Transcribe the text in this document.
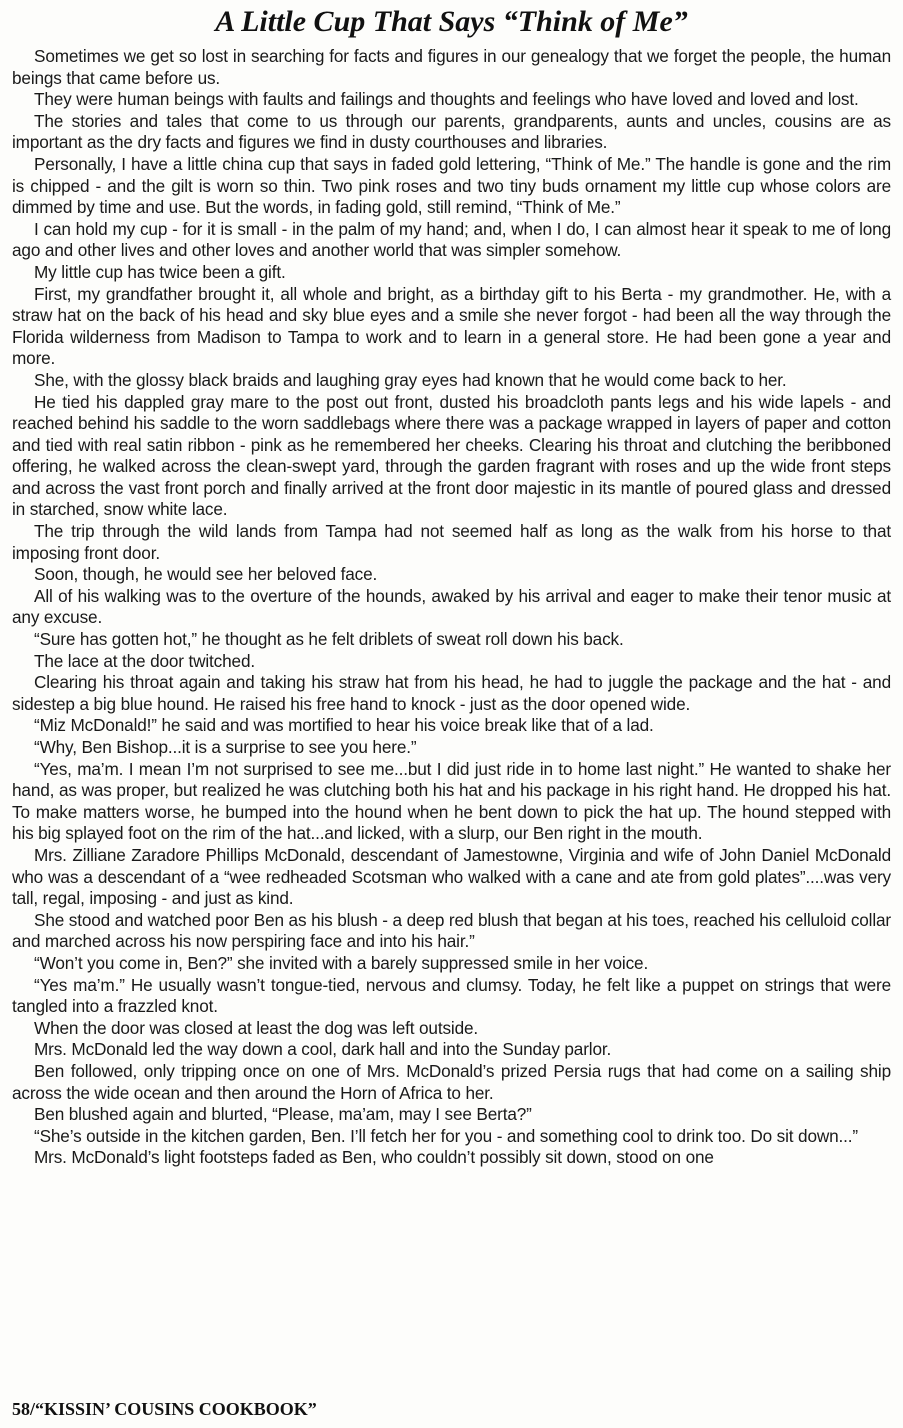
A Little Cup That Says “Think of Me”

Sometimes we get so lost in searching for facts and figures in our genealogy that we forget the people, the human beings that came before us.

They were human beings with faults and failings and thoughts and feelings who have loved and loved and lost.

The stories and tales that come to us through our parents, grandparents, aunts and uncles, cousins are as important as the dry facts and figures we find in dusty courthouses and libraries.

Personally, I have a little china cup that says in faded gold lettering, “Think of Me.” The handle is gone and the rim is chipped - and the gilt is worn so thin. Two pink roses and two tiny buds ornament my little cup whose colors are dimmed by time and use. But the words, in fading gold, still remind, “Think of Me.”

I can hold my cup - for it is small - in the palm of my hand; and, when I do, I can almost hear it speak to me of long ago and other lives and other loves and another world that was simpler somehow.

My little cup has twice been a gift.

First, my grandfather brought it, all whole and bright, as a birthday gift to his Berta - my grandmother. He, with a straw hat on the back of his head and sky blue eyes and a smile she never forgot - had been all the way through the Florida wilderness from Madison to Tampa to work and to learn in a general store. He had been gone a year and more.

She, with the glossy black braids and laughing gray eyes had known that he would come back to her.

He tied his dappled gray mare to the post out front, dusted his broadcloth pants legs and his wide lapels - and reached behind his saddle to the worn saddlebags where there was a package wrapped in layers of paper and cotton and tied with real satin ribbon - pink as he remembered her cheeks. Clearing his throat and clutching the beribboned offering, he walked across the clean-swept yard, through the garden fragrant with roses and up the wide front steps and across the vast front porch and finally arrived at the front door majestic in its mantle of poured glass and dressed in starched, snow white lace.

The trip through the wild lands from Tampa had not seemed half as long as the walk from his horse to that imposing front door.

Soon, though, he would see her beloved face.

All of his walking was to the overture of the hounds, awaked by his arrival and eager to make their tenor music at any excuse.

“Sure has gotten hot,” he thought as he felt driblets of sweat roll down his back.

The lace at the door twitched.

Clearing his throat again and taking his straw hat from his head, he had to juggle the package and the hat - and sidestep a big blue hound. He raised his free hand to knock - just as the door opened wide.

“Miz McDonald!” he said and was mortified to hear his voice break like that of a lad.

“Why, Ben Bishop...it is a surprise to see you here.”

“Yes, ma’m. I mean I’m not surprised to see me...but I did just ride in to home last night.” He wanted to shake her hand, as was proper, but realized he was clutching both his hat and his package in his right hand. He dropped his hat. To make matters worse, he bumped into the hound when he bent down to pick the hat up. The hound stepped with his big splayed foot on the rim of the hat...and licked, with a slurp, our Ben right in the mouth.

Mrs. Zilliane Zaradore Phillips McDonald, descendant of Jamestowne, Virginia and wife of John Daniel McDonald who was a descendant of a “wee redheaded Scotsman who walked with a cane and ate from gold plates”....was very tall, regal, imposing - and just as kind.

She stood and watched poor Ben as his blush - a deep red blush that began at his toes, reached his celluloid collar and marched across his now perspiring face and into his hair.”

“Won’t you come in, Ben?” she invited with a barely suppressed smile in her voice.

“Yes ma’m.” He usually wasn’t tongue-tied, nervous and clumsy. Today, he felt like a puppet on strings that were tangled into a frazzled knot.

When the door was closed at least the dog was left outside.

Mrs. McDonald led the way down a cool, dark hall and into the Sunday parlor.

Ben followed, only tripping once on one of Mrs. McDonald’s prized Persia rugs that had come on a sailing ship across the wide ocean and then around the Horn of Africa to her.

Ben blushed again and blurted, “Please, ma’am, may I see Berta?”

“She’s outside in the kitchen garden, Ben. I’ll fetch her for you - and something cool to drink too. Do sit down...”

Mrs. McDonald’s light footsteps faded as Ben, who couldn’t possibly sit down, stood on one

58/“KISSIN’ COUSINS COOKBOOK”
